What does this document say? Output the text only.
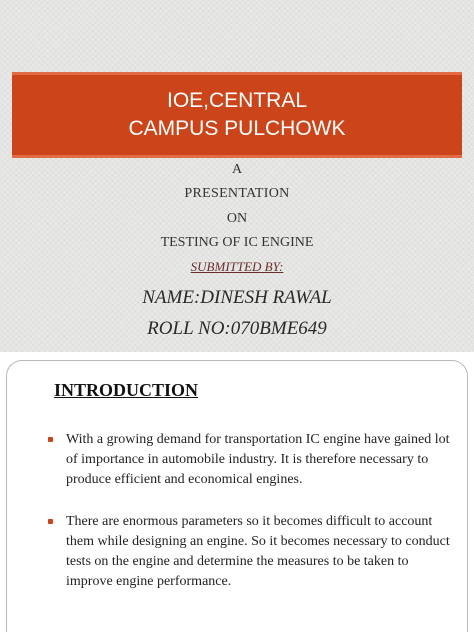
IOE,CENTRAL
CAMPUS PULCHOWK
A
PRESENTATION
ON
TESTING OF IC ENGINE
SUBMITTED BY:
NAME:DINESH RAWAL
ROLL NO:070BME649
INTRODUCTION
With a growing demand for transportation IC engine have gained lot of importance in automobile industry. It is therefore necessary to produce efficient and economical engines.
There are enormous parameters so it becomes difficult to account them while designing an engine. So it becomes necessary to conduct tests on the engine and determine the measures to be taken to improve engine performance.
